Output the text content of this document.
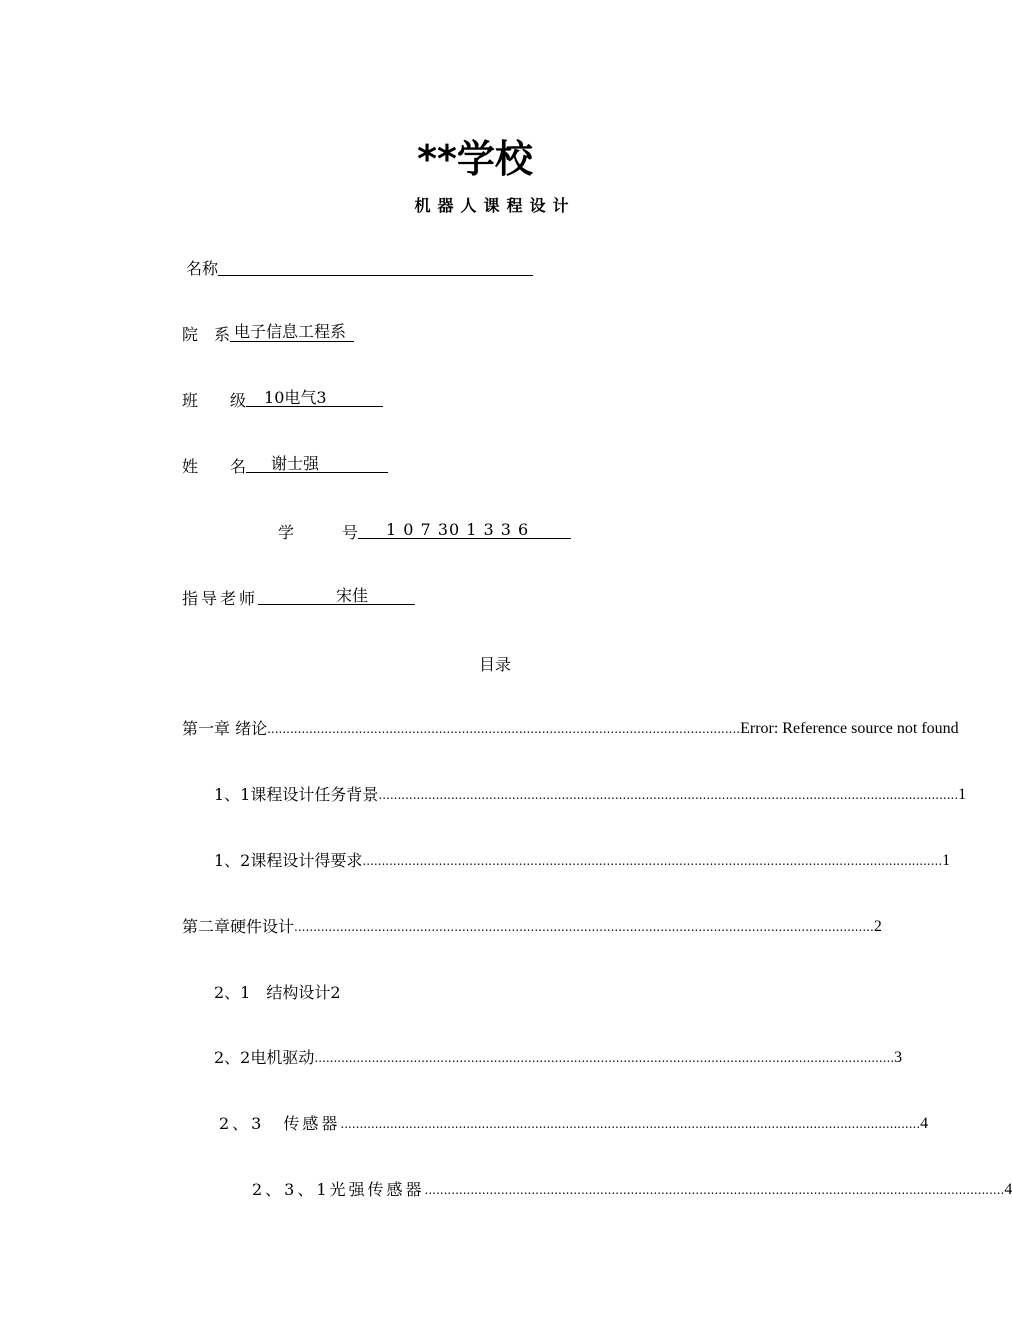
**学校
机器人课程设计
名称
院　系 电子信息工程系
班　　级 10电气3
姓　　名 谢士强
学　　　号 1 0 7 30 1 3 3 6
指导老师	宋佳
目录
第一章 绪论 ............................................................................................................................ Error: Reference source not found
1、1课程设计任务背景 ........................................................................................................................................................ 1
1、2课程设计得要求 ........................................................................................................................................................ 1
第二章硬件设计 ........................................................................................................................................................ 2
2、1　结构设计2
2、2电机驱动 ........................................................................................................................................................ 3
2、3　传感器 ........................................................................................................................................................ 4
2、3、1光强传感器 ........................................................................................................................................................ 4
